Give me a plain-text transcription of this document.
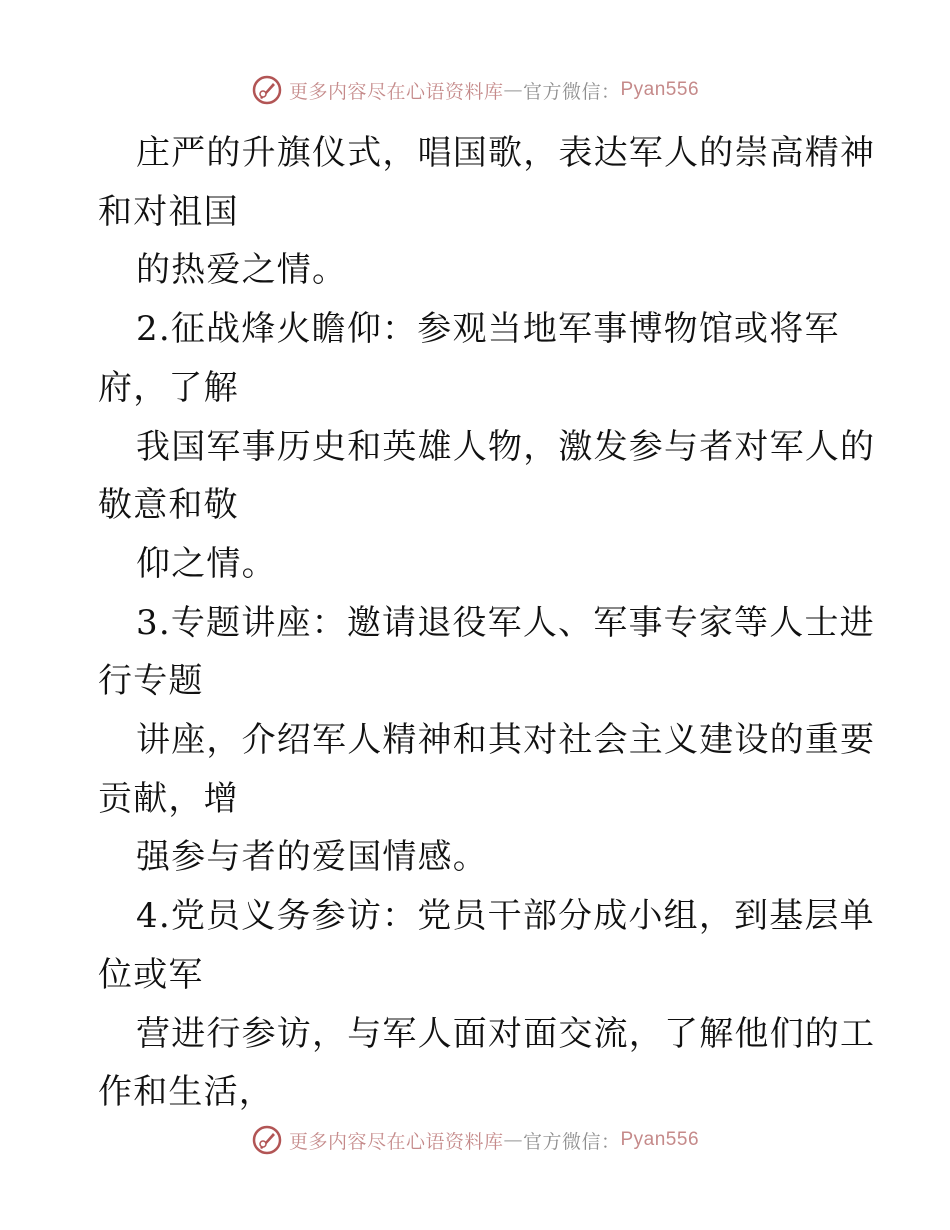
更多内容尽在心语资料库 — 官方微信： Pyan556

庄严的升旗仪式，唱国歌，表达军人的崇高精神

和对祖国

的热爱之情。

2.征战烽火瞻仰：参观当地军事博物馆或将军

府，了解

我国军事历史和英雄人物，激发参与者对军人的

敬意和敬

仰之情。

3.专题讲座：邀请退役军人、军事专家等人士进

行专题

讲座，介绍军人精神和其对社会主义建设的重要

贡献，增

强参与者的爱国情感。

4.党员义务参访：党员干部分成小组，到基层单

位或军

营进行参访，与军人面对面交流，了解他们的工

作和生活，

更多内容尽在心语资料库 — 官方微信： Pyan556
